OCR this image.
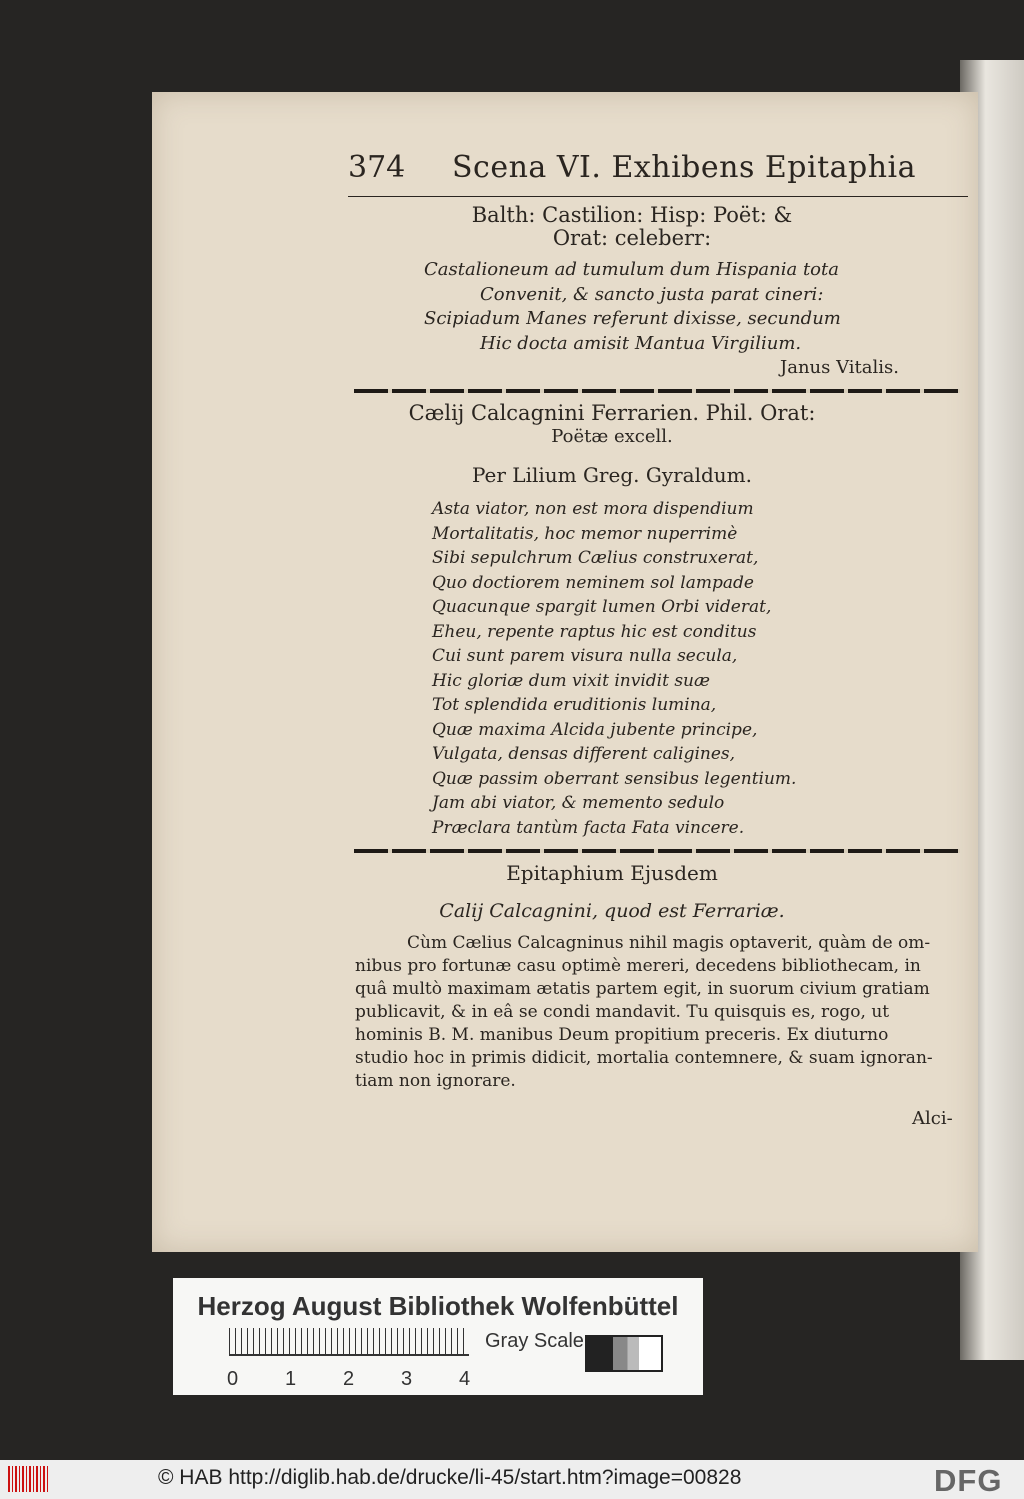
374 Scena VI. Exhibens Epitaphia
Balth: Castilion: Hisp: Poët: &
Orat: celeberr:
Castalioneum ad tumulum dum Hispania tota
Convenit, & sancto justa parat cineri:
Scipiadum Manes referunt dixisse, secundum
Hic docta amisit Mantua Virgilium.
Janus Vitalis.
Cælij Calcagnini Ferrarien. Phil. Orat:
Poëtæ excell.
Per Lilium Greg. Gyraldum.
Asta viator, non est mora dispendium
Mortalitatis, hoc memor nuperrimè
Sibi sepulchrum Cælius construxerat,
Quo doctiorem neminem sol lampade
Quacunque spargit lumen Orbi viderat,
Eheu, repente raptus hic est conditus
Cui sunt parem visura nulla secula,
Hic gloriæ dum vixit invidit suæ
Tot splendida eruditionis lumina,
Quæ maxima Alcida jubente principe,
Vulgata, densas different caligines,
Quæ passim oberrant sensibus legentium.
Jam abi viator, & memento sedulo
Præclara tantùm facta Fata vincere.
Epitaphium Ejusdem
Calij Calcagnini, quod est Ferrariæ.
Cùm Cælius Calcagninus nihil magis optaverit, quàm de om-
nibus pro fortunæ casu optimè mereri, decedens bibliothecam, in
quâ multò maximam ætatis partem egit, in suorum civium gratiam
publicavit, & in eâ se condi mandavit. Tu quisquis es, rogo, ut
hominis B. M. manibus Deum propitium preceris. Ex diuturno
studio hoc in primis didicit, mortalia contemnere, & suam ignoran-
tiam non ignorare.
Alci-
Herzog August Bibliothek Wolfenbüttel
0 1 2 3 4
Gray Scale
© HAB http://diglib.hab.de/drucke/li-45/start.htm?image=00828	DFG
